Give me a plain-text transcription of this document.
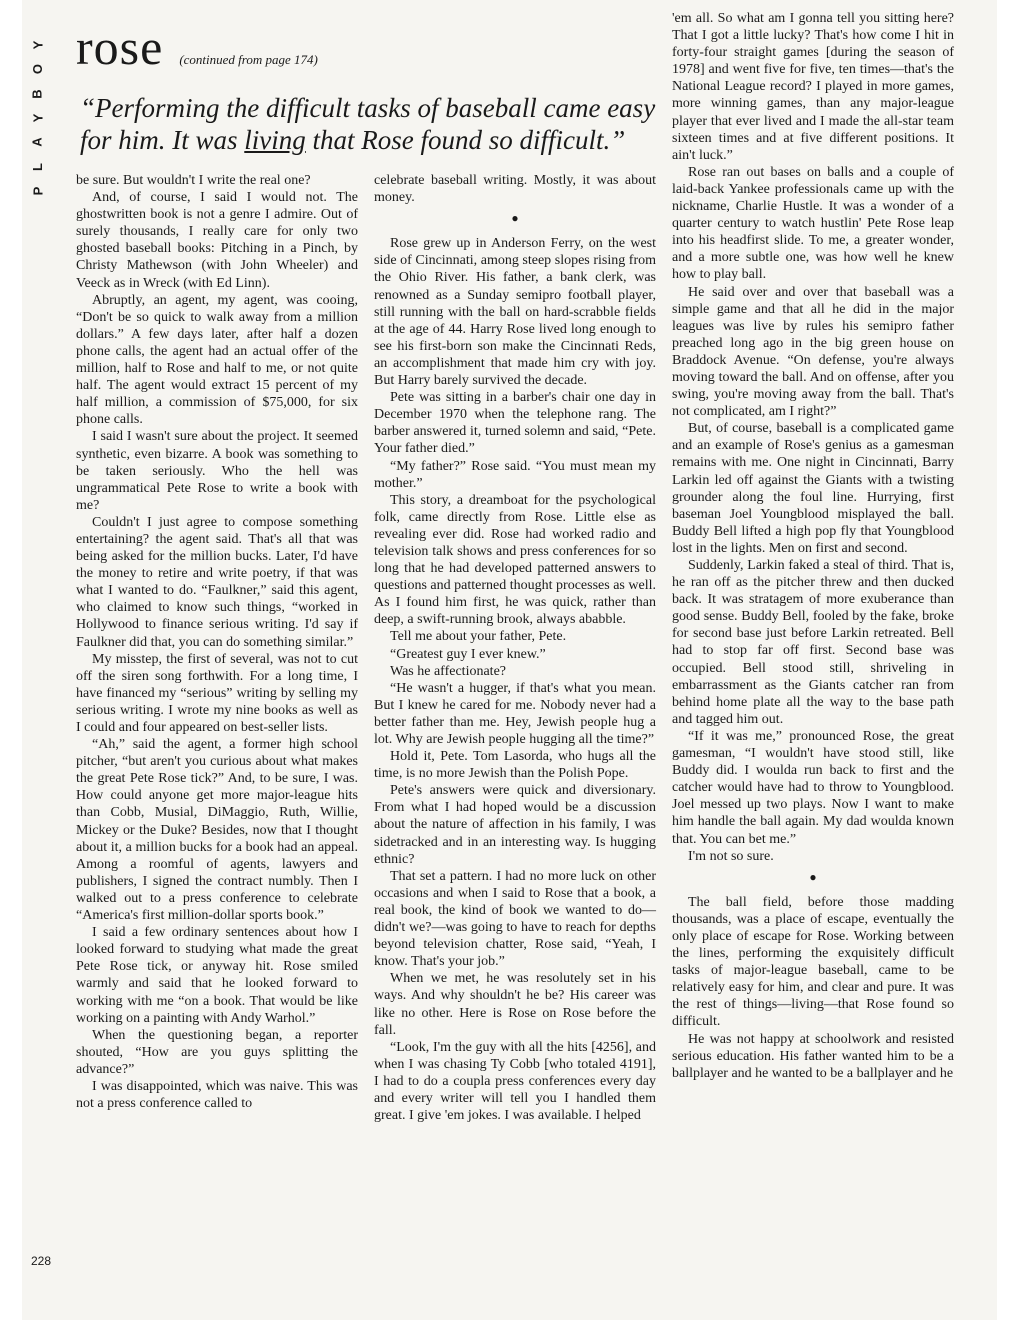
P
L
A
Y
B
O
Y rose (continued from page 174)
“Performing the difficult tasks of baseball came easy for him. It was living that Rose found so difficult.”

be sure. But wouldn't I write the real one?

And, of course, I said I would not. The ghostwritten book is not a genre I admire. Out of surely thousands, I really care for only two ghosted baseball books: Pitching in a Pinch, by Christy Mathewson (with John Wheeler) and Veeck as in Wreck (with Ed Linn).

Abruptly, an agent, my agent, was cooing, “Don't be so quick to walk away from a million dollars.” A few days later, after half a dozen phone calls, the agent had an actual offer of the million, half to Rose and half to me, or not quite half. The agent would extract 15 percent of my half million, a commission of $75,000, for six phone calls.

I said I wasn't sure about the project. It seemed synthetic, even bizarre. A book was something to be taken seriously. Who the hell was ungrammatical Pete Rose to write a book with me?

Couldn't I just agree to compose something entertaining? the agent said. That's all that was being asked for the million bucks. Later, I'd have the money to retire and write poetry, if that was what I wanted to do. “Faulkner,” said this agent, who claimed to know such things, “worked in Hollywood to finance serious writing. I'd say if Faulkner did that, you can do something similar.”

My misstep, the first of several, was not to cut off the siren song forthwith. For a long time, I have financed my “serious” writing by selling my serious writing. I wrote my nine books as well as I could and four appeared on best-seller lists.

“Ah,” said the agent, a former high school pitcher, “but aren't you curious about what makes the great Pete Rose tick?” And, to be sure, I was. How could anyone get more major-league hits than Cobb, Musial, DiMaggio, Ruth, Willie, Mickey or the Duke? Besides, now that I thought about it, a million bucks for a book had an appeal. Among a roomful of agents, lawyers and publishers, I signed the contract numbly. Then I walked out to a press conference to celebrate “America's first million-dollar sports book.”

I said a few ordinary sentences about how I looked forward to studying what made the great Pete Rose tick, or anyway hit. Rose smiled warmly and said that he looked forward to working with me “on a book. That would be like working on a painting with Andy Warhol.”

When the questioning began, a reporter shouted, “How are you guys splitting the advance?”

I was disappointed, which was naive. This was not a press conference called to

celebrate baseball writing. Mostly, it was about money.

●

Rose grew up in Anderson Ferry, on the west side of Cincinnati, among steep slopes rising from the Ohio River. His father, a bank clerk, was renowned as a Sunday semipro football player, still running with the ball on hard-scrabble fields at the age of 44. Harry Rose lived long enough to see his first-born son make the Cincinnati Reds, an accomplishment that made him cry with joy. But Harry barely survived the decade.

Pete was sitting in a barber's chair one day in December 1970 when the telephone rang. The barber answered it, turned solemn and said, “Pete. Your father died.”

“My father?” Rose said. “You must mean my mother.”

This story, a dreamboat for the psychological folk, came directly from Rose. Little else as revealing ever did. Rose had worked radio and television talk shows and press conferences for so long that he had developed patterned answers to questions and patterned thought processes as well. As I found him first, he was quick, rather than deep, a swift-running brook, always ababble.

Tell me about your father, Pete.

“Greatest guy I ever knew.”

Was he affectionate?

“He wasn't a hugger, if that's what you mean. But I knew he cared for me. Nobody never had a better father than me. Hey, Jewish people hug a lot. Why are Jewish people hugging all the time?”

Hold it, Pete. Tom Lasorda, who hugs all the time, is no more Jewish than the Polish Pope.

Pete's answers were quick and diversionary. From what I had hoped would be a discussion about the nature of affection in his family, I was sidetracked and in an interesting way. Is hugging ethnic?

That set a pattern. I had no more luck on other occasions and when I said to Rose that a book, a real book, the kind of book we wanted to do—didn't we?—was going to have to reach for depths beyond television chatter, Rose said, “Yeah, I know. That's your job.”

When we met, he was resolutely set in his ways. And why shouldn't he be? His career was like no other. Here is Rose on Rose before the fall.

“Look, I'm the guy with all the hits [4256], and when I was chasing Ty Cobb [who totaled 4191], I had to do a coupla press conferences every day and every writer will tell you I handled them great. I give 'em jokes. I was available. I helped

'em all. So what am I gonna tell you sitting here? That I got a little lucky? That's how come I hit in forty-four straight games [during the season of 1978] and went five for five, ten times—that's the National League record? I played in more games, more winning games, than any major-league player that ever lived and I made the all-star team sixteen times and at five different positions. It ain't luck.”

Rose ran out bases on balls and a couple of laid-back Yankee professionals came up with the nickname, Charlie Hustle. It was a wonder of a quarter century to watch hustlin' Pete Rose leap into his headfirst slide. To me, a greater wonder, and a more subtle one, was how well he knew how to play ball.

He said over and over that baseball was a simple game and that all he did in the major leagues was live by rules his semipro father preached long ago in the big green house on Braddock Avenue. “On defense, you're always moving toward the ball. And on offense, after you swing, you're moving away from the ball. That's not complicated, am I right?”

But, of course, baseball is a complicated game and an example of Rose's genius as a gamesman remains with me. One night in Cincinnati, Barry Larkin led off against the Giants with a twisting grounder along the foul line. Hurrying, first baseman Joel Youngblood misplayed the ball. Buddy Bell lifted a high pop fly that Youngblood lost in the lights. Men on first and second.

Suddenly, Larkin faked a steal of third. That is, he ran off as the pitcher threw and then ducked back. It was stratagem of more exuberance than good sense. Buddy Bell, fooled by the fake, broke for second base just before Larkin retreated. Bell had to stop far off first. Second base was occupied. Bell stood still, shriveling in embarrassment as the Giants catcher ran from behind home plate all the way to the base path and tagged him out.

“If it was me,” pronounced Rose, the great gamesman, “I wouldn't have stood still, like Buddy did. I woulda run back to first and the catcher would have had to throw to Youngblood. Joel messed up two plays. Now I want to make him handle the ball again. My dad woulda known that. You can bet me.”

I'm not so sure.

●

The ball field, before those madding thousands, was a place of escape, eventually the only place of escape for Rose. Working between the lines, performing the exquisitely difficult tasks of major-league baseball, came to be relatively easy for him, and clear and pure. It was the rest of things—living—that Rose found so difficult.

He was not happy at schoolwork and resisted serious education. His father wanted him to be a ballplayer and he wanted to be a ballplayer and he

228
